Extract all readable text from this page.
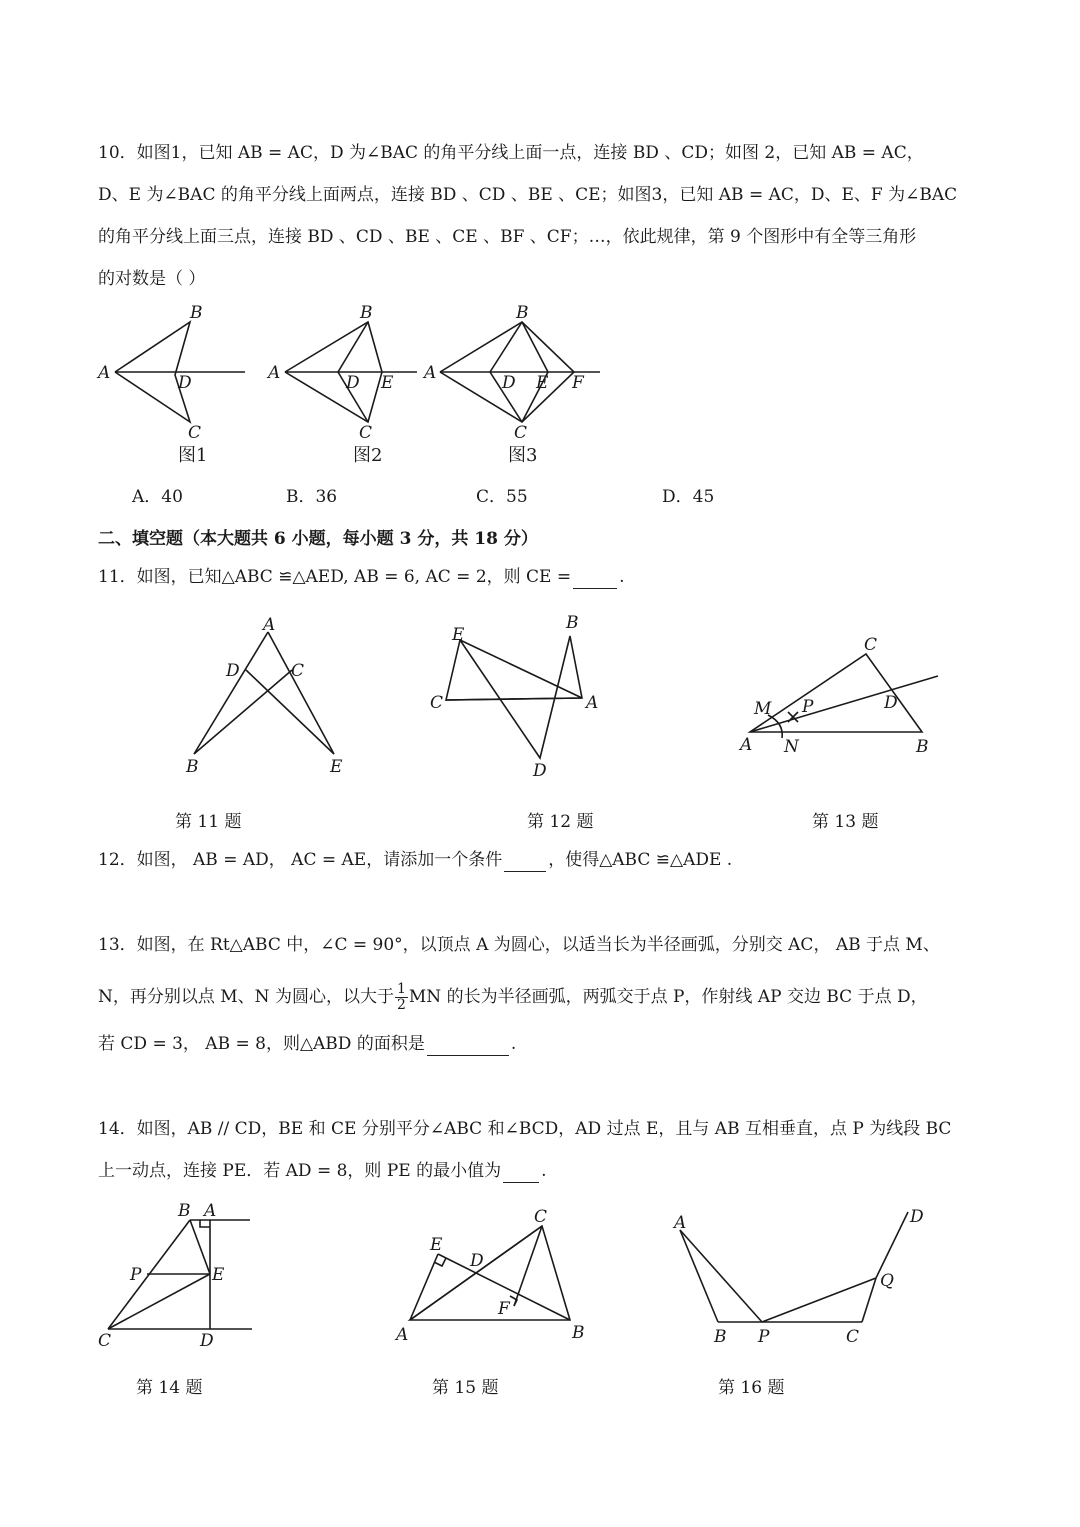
10．如图1，已知 AB = AC，D 为∠BAC 的角平分线上面一点，连接 BD 、CD；如图 2，已知 AB = AC，
D、E 为∠BAC 的角平分线上面两点，连接 BD 、CD 、BE 、CE；如图3，已知 AB = AC，D、E、F 为∠BAC
的角平分线上面三点，连接 BD 、CD 、BE 、CE 、BF 、CF；…，依此规律，第 9 个图形中有全等三角形
的对数是（ ）
B
A	D
C
图1
B
A	D E
C
图2
B
A	D E F
C
图3
A．40	B．36	C．55	D．45
二、填空题（本大题共 6 小题，每小题 3 分，共 18 分）
11．如图，已知△ABC ≌△AED, AB = 6, AC = 2，则 CE =	.
A
D	C
B	E
E
B
C	A
D
C
M P	D
A N	B
第 11 题	第 12 题	第 13 题
12．如图， AB = AD， AC = AE，请添加一个条件	，使得△ABC ≌△ADE .
13．如图，在 Rt△ABC 中，∠C = 90°，以顶点 A 为圆心，以适当长为半径画弧，分别交 AC， AB 于点 M、
N，再分别以点 M、N 为圆心，以大于 $\frac{1}{2}$ MN 的长为半径画弧，两弧交于点 P，作射线 AP 交边 BC 于点 D，
若 CD = 3， AB = 8，则△ABD 的面积是	.
14．如图，AB // CD，BE 和 CE 分别平分∠ABC 和∠BCD，AD 过点 E，且与 AB 互相垂直，点 P 为线段 BC
上一动点，连接 PE．若 AD = 8，则 PE 的最小值为 .
B A
P	E
C	D
C
E
D
F
A	B
A	D
Q
B P	C
第 14 题	第 15 题	第 16 题
